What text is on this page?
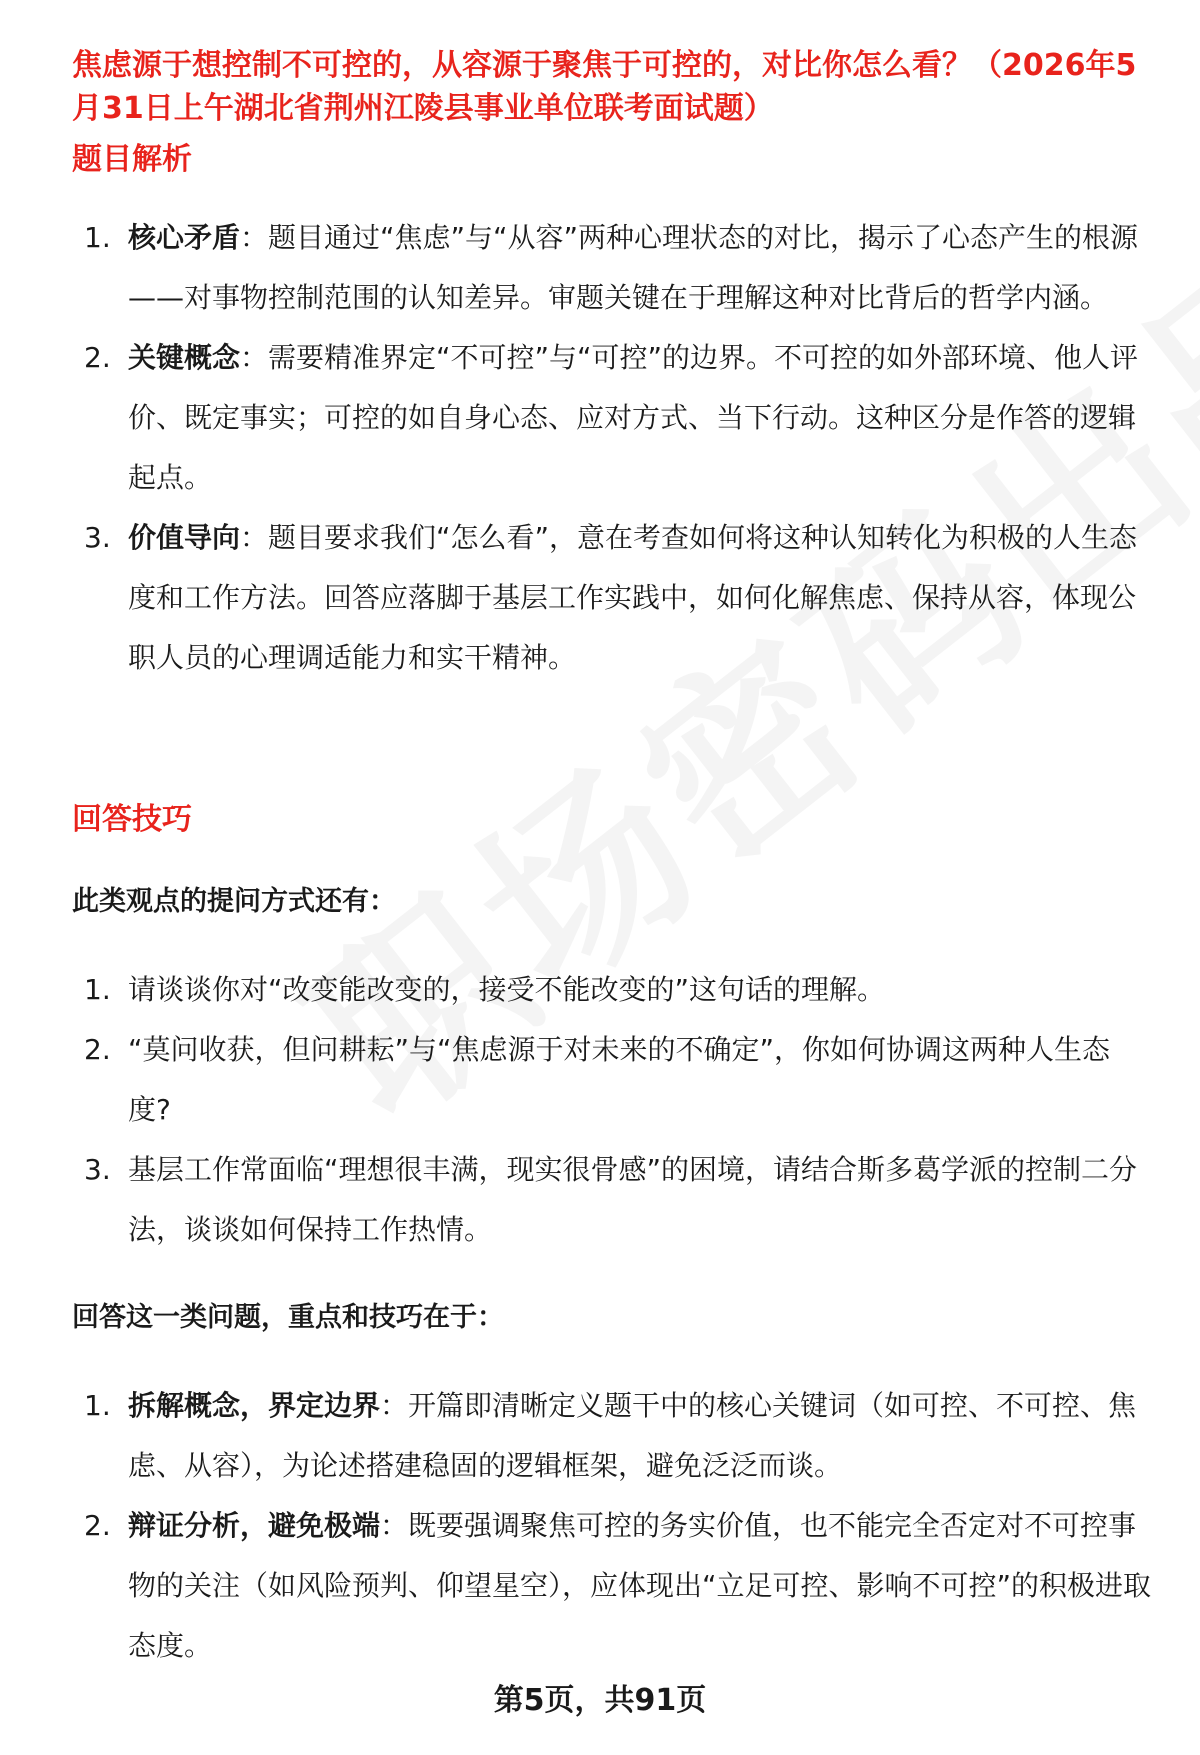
焦虑源于想控制不可控的，从容源于聚焦于可控的，对比你怎么看？（2026年5月31日上午湖北省荆州江陵县事业单位联考面试题）
题目解析
1. 核心矛盾：题目通过“焦虑”与“从容”两种心理状态的对比，揭示了心态产生的根源——对事物控制范围的认知差异。审题关键在于理解这种对比背后的哲学内涵。
2. 关键概念：需要精准界定“不可控”与“可控”的边界。不可控的如外部环境、他人评价、既定事实；可控的如自身心态、应对方式、当下行动。这种区分是作答的逻辑起点。
3. 价值导向：题目要求我们“怎么看”，意在考查如何将这种认知转化为积极的人生态度和工作方法。回答应落脚于基层工作实践中，如何化解焦虑、保持从容，体现公职人员的心理调适能力和实干精神。
回答技巧
此类观点的提问方式还有：
1. 请谈谈你对“改变能改变的，接受不能改变的”这句话的理解。
2. “莫问收获，但问耕耘”与“焦虑源于对未来的不确定”，你如何协调这两种人生态度?
3. 基层工作常面临“理想很丰满，现实很骨感”的困境，请结合斯多葛学派的控制二分法，谈谈如何保持工作热情。
回答这一类问题，重点和技巧在于：
1. 拆解概念，界定边界：开篇即清晰定义题干中的核心关键词（如可控、不可控、焦虑、从容），为论述搭建稳固的逻辑框架，避免泛泛而谈。
2. 辩证分析，避免极端：既要强调聚焦可控的务实价值，也不能完全否定对不可控事物的关注（如风险预判、仰望星空），应体现出“立足可控、影响不可控”的积极进取态度。
第5页，共91页
